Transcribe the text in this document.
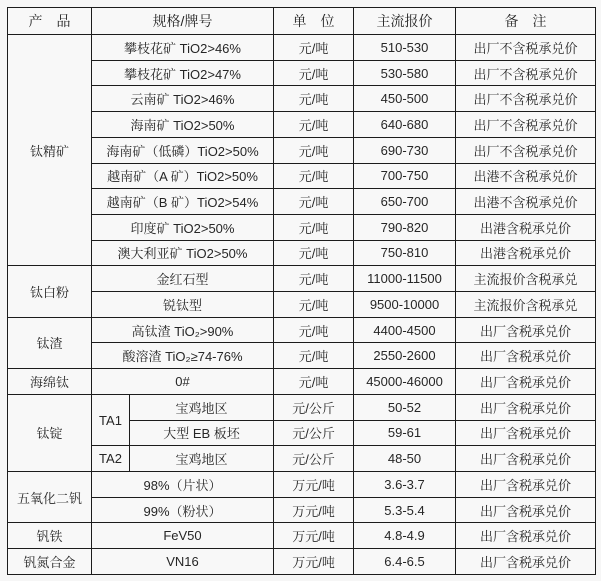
产　品	规格/牌号		单　位	主流报价	备　注
钛精矿	攀枝花矿 TiO2>46%		元/吨	510-530	出厂不含税承兑价
	攀枝花矿 TiO2>47%		元/吨	530-580	出厂不含税承兑价
	云南矿 TiO2>46%		元/吨	450-500	出厂不含税承兑价
	海南矿 TiO2>50%		元/吨	640-680	出厂不含税承兑价
	海南矿（低磷）TiO2>50%		元/吨	690-730	出厂不含税承兑价
	越南矿（A 矿）TiO2>50%		元/吨	700-750	出港不含税承兑价
	越南矿（B 矿）TiO2>54%		元/吨	650-700	出港不含税承兑价
	印度矿 TiO2>50%		元/吨	790-820	出港含税承兑价
	澳大利亚矿 TiO2>50%		元/吨	750-810	出港含税承兑价
钛白粉	金红石型		元/吨	11000-11500	主流报价含税承兑
	锐钛型		元/吨	9500-10000	主流报价含税承兑
钛渣	高钛渣 TiO₂>90%		元/吨	4400-4500	出厂含税承兑价
	酸溶渣 TiO₂≥74-76%		元/吨	2550-2600	出厂含税承兑价
海绵钛	0#		元/吨	45000-46000	出厂含税承兑价
钛锭	TA1	宝鸡地区	元/公斤	50-52	出厂含税承兑价
		大型 EB 板坯	元/公斤	59-61	出厂含税承兑价
	TA2	宝鸡地区	元/公斤	48-50	出厂含税承兑价
五氧化二钒	98%（片状）		万元/吨	3.6-3.7	出厂含税承兑价
	99%（粉状）		万元/吨	5.3-5.4	出厂含税承兑价
钒铁	FeV50		万元/吨	4.8-4.9	出厂含税承兑价
钒氮合金	VN16		万元/吨	6.4-6.5	出厂含税承兑价
